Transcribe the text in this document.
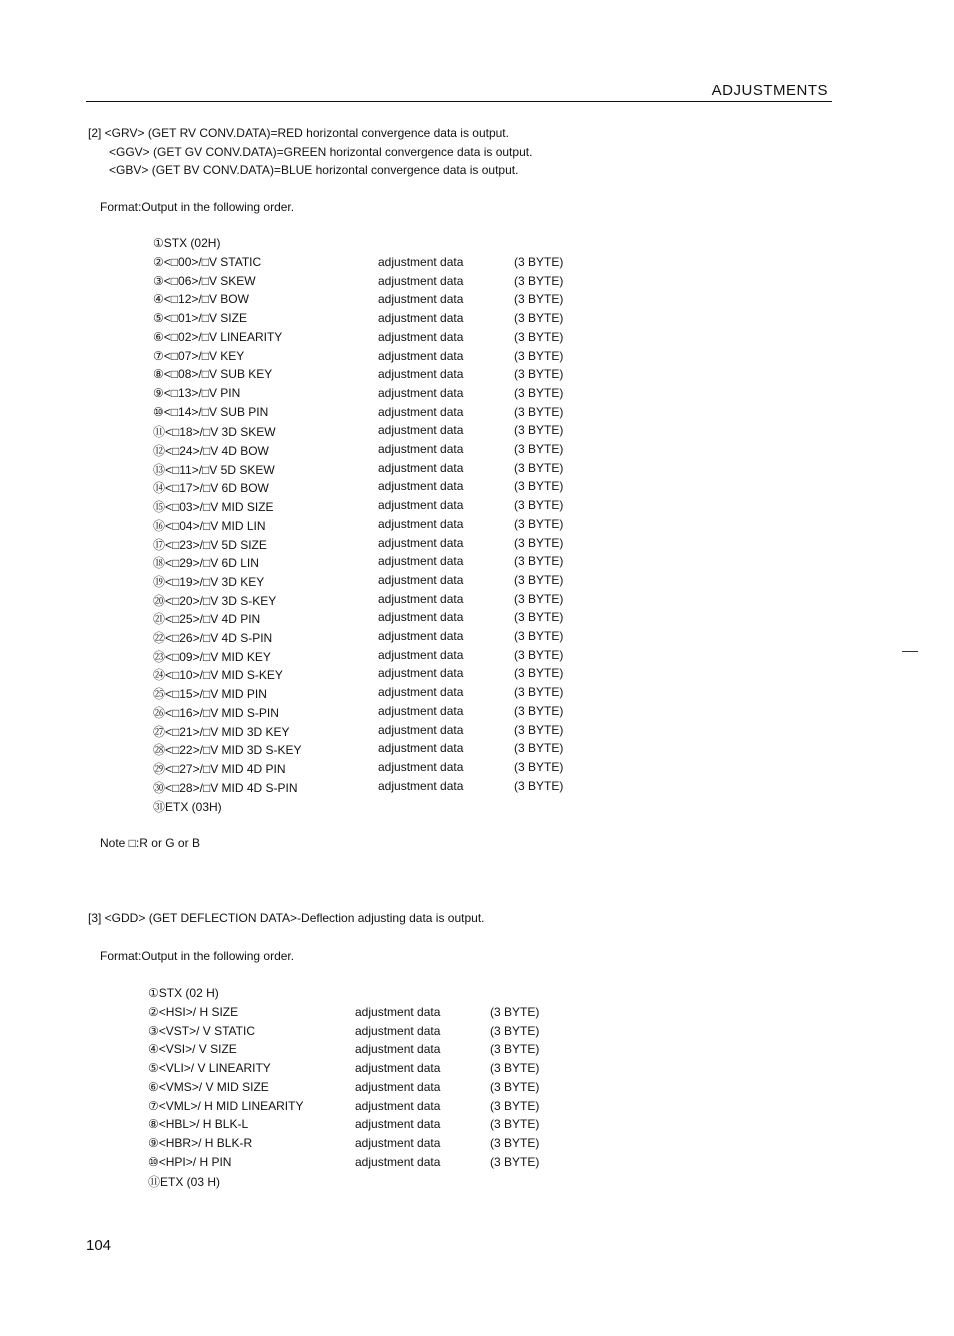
ADJUSTMENTS
[2] <GRV> (GET RV CONV.DATA)=RED horizontal convergence data is output.
<GGV> (GET GV CONV.DATA)=GREEN horizontal convergence data is output.
<GBV> (GET BV CONV.DATA)=BLUE horizontal convergence data is output.
Format:Output in the following order.
①STX (02H)
②<□00>/□V STATIC	adjustment data	(3 BYTE)
③<□06>/□V SKEW	adjustment data	(3 BYTE)
④<□12>/□V BOW	adjustment data	(3 BYTE)
⑤<□01>/□V SIZE	adjustment data	(3 BYTE)
⑥<□02>/□V LINEARITY	adjustment data	(3 BYTE)
⑦<□07>/□V KEY	adjustment data	(3 BYTE)
⑧<□08>/□V SUB KEY	adjustment data	(3 BYTE)
⑨<□13>/□V PIN	adjustment data	(3 BYTE)
⑩<□14>/□V SUB PIN	adjustment data	(3 BYTE)
⑪<□18>/□V 3D SKEW	adjustment data	(3 BYTE)
⑫<□24>/□V 4D BOW	adjustment data	(3 BYTE)
⑬<□11>/□V 5D SKEW	adjustment data	(3 BYTE)
⑭<□17>/□V 6D BOW	adjustment data	(3 BYTE)
⑮<□03>/□V MID SIZE	adjustment data	(3 BYTE)
⑯<□04>/□V MID LIN	adjustment data	(3 BYTE)
⑰<□23>/□V 5D SIZE	adjustment data	(3 BYTE)
⑱<□29>/□V 6D LIN	adjustment data	(3 BYTE)
⑲<□19>/□V 3D KEY	adjustment data	(3 BYTE)
⑳<□20>/□V 3D S-KEY	adjustment data	(3 BYTE)
㉑<□25>/□V 4D PIN	adjustment data	(3 BYTE)
㉒<□26>/□V 4D S-PIN	adjustment data	(3 BYTE)
㉓<□09>/□V MID KEY	adjustment data	(3 BYTE)
㉔<□10>/□V MID S-KEY	adjustment data	(3 BYTE)
㉕<□15>/□V MID PIN	adjustment data	(3 BYTE)
㉖<□16>/□V MID S-PIN	adjustment data	(3 BYTE)
㉗<□21>/□V MID 3D KEY	adjustment data	(3 BYTE)
㉘<□22>/□V MID 3D S-KEY	adjustment data	(3 BYTE)
㉙<□27>/□V MID 4D PIN	adjustment data	(3 BYTE)
㉚<□28>/□V MID 4D S-PIN	adjustment data	(3 BYTE)
㉛ETX (03H)
Note □:R or G or B
[3] <GDD> (GET DEFLECTION DATA>-Deflection adjusting data is output.
Format:Output in the following order.
①STX (02 H)
②<HSI>/ H SIZE	adjustment data	(3 BYTE)
③<VST>/ V STATIC	adjustment data	(3 BYTE)
④<VSI>/ V SIZE	adjustment data	(3 BYTE)
⑤<VLI>/ V LINEARITY	adjustment data	(3 BYTE)
⑥<VMS>/ V MID SIZE	adjustment data	(3 BYTE)
⑦<VML>/ H MID LINEARITY	adjustment data	(3 BYTE)
⑧<HBL>/ H BLK-L	adjustment data	(3 BYTE)
⑨<HBR>/ H BLK-R	adjustment data	(3 BYTE)
⑩<HPI>/ H PIN	adjustment data	(3 BYTE)
⑪ETX (03 H)
104
